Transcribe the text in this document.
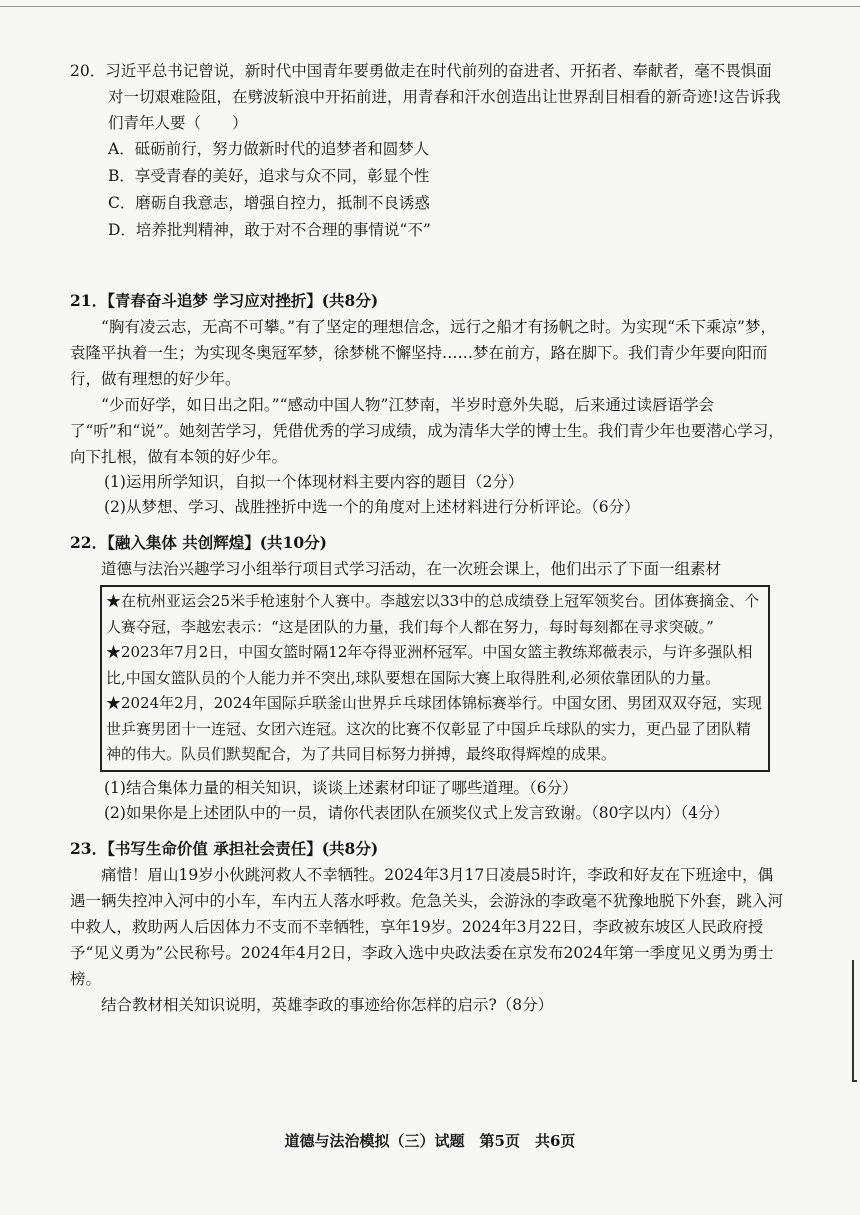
20．习近平总书记曾说，新时代中国青年要勇做走在时代前列的奋进者、开拓者、奉献者，毫不畏惧面对一切艰难险阻，在劈波斩浪中开拓前进，用青春和汗水创造出让世界刮目相看的新奇迹!这告诉我们青年人要（　　）

A．砥砺前行，努力做新时代的追梦者和圆梦人
B．享受青春的美好，追求与众不同，彰显个性
C．磨砺自我意志，增强自控力，抵制不良诱惑
D．培养批判精神，敢于对不合理的事情说“不”

21．【青春奋斗追梦 学习应对挫折】(共8分)

“胸有凌云志，无高不可攀。”有了坚定的理想信念，远行之船才有扬帆之时。为实现“禾下乘凉”梦，袁隆平执着一生；为实现冬奥冠军梦，徐梦桃不懈坚持……梦在前方，路在脚下。我们青少年要向阳而行，做有理想的好少年。

“少而好学，如日出之阳。”“感动中国人物”江梦南，半岁时意外失聪，后来通过读唇语学会了“听”和“说”。她刻苦学习，凭借优秀的学习成绩，成为清华大学的博士生。我们青少年也要潜心学习，向下扎根，做有本领的好少年。

(1)运用所学知识，自拟一个体现材料主要内容的题目（2分）

(2)从梦想、学习、战胜挫折中选一个的角度对上述材料进行分析评论。（6分）

22．【融入集体 共创辉煌】(共10分)

道德与法治兴趣学习小组举行项目式学习活动，在一次班会课上，他们出示了下面一组素材

★在杭州亚运会25米手枪速射个人赛中。李越宏以33中的总成绩登上冠军领奖台。团体赛摘金、个人赛夺冠，李越宏表示：“这是团队的力量，我们每个人都在努力，每时每刻都在寻求突破。”

★2023年7月2日，中国女篮时隔12年夺得亚洲杯冠军。中国女篮主教练郑薇表示，与许多强队相比,中国女篮队员的个人能力并不突出,球队要想在国际大赛上取得胜利,必须依靠团队的力量。

★2024年2月，2024年国际乒联釜山世界乒乓球团体锦标赛举行。中国女团、男团双双夺冠，实现世乒赛男团十一连冠、女团六连冠。这次的比赛不仅彰显了中国乒乓球队的实力，更凸显了团队精神的伟大。队员们默契配合，为了共同目标努力拼搏，最终取得辉煌的成果。

(1)结合集体力量的相关知识，谈谈上述素材印证了哪些道理。（6分）

(2)如果你是上述团队中的一员，请你代表团队在颁奖仪式上发言致谢。（80字以内）（4分）

23．【书写生命价值 承担社会责任】(共8分)

痛惜！眉山19岁小伙跳河救人不幸牺牲。2024年3月17日凌晨5时许，李政和好友在下班途中，偶遇一辆失控冲入河中的小车，车内五人落水呼救。危急关头，会游泳的李政毫不犹豫地脱下外套，跳入河中救人，救助两人后因体力不支而不幸牺牲，享年19岁。2024年3月22日，李政被东坡区人民政府授予“见义勇为”公民称号。2024年4月2日，李政入选中央政法委在京发布2024年第一季度见义勇为勇士榜。

结合教材相关知识说明，英雄李政的事迹给你怎样的启示?（8分）

道德与法治模拟（三）试题　第5页　共6页
